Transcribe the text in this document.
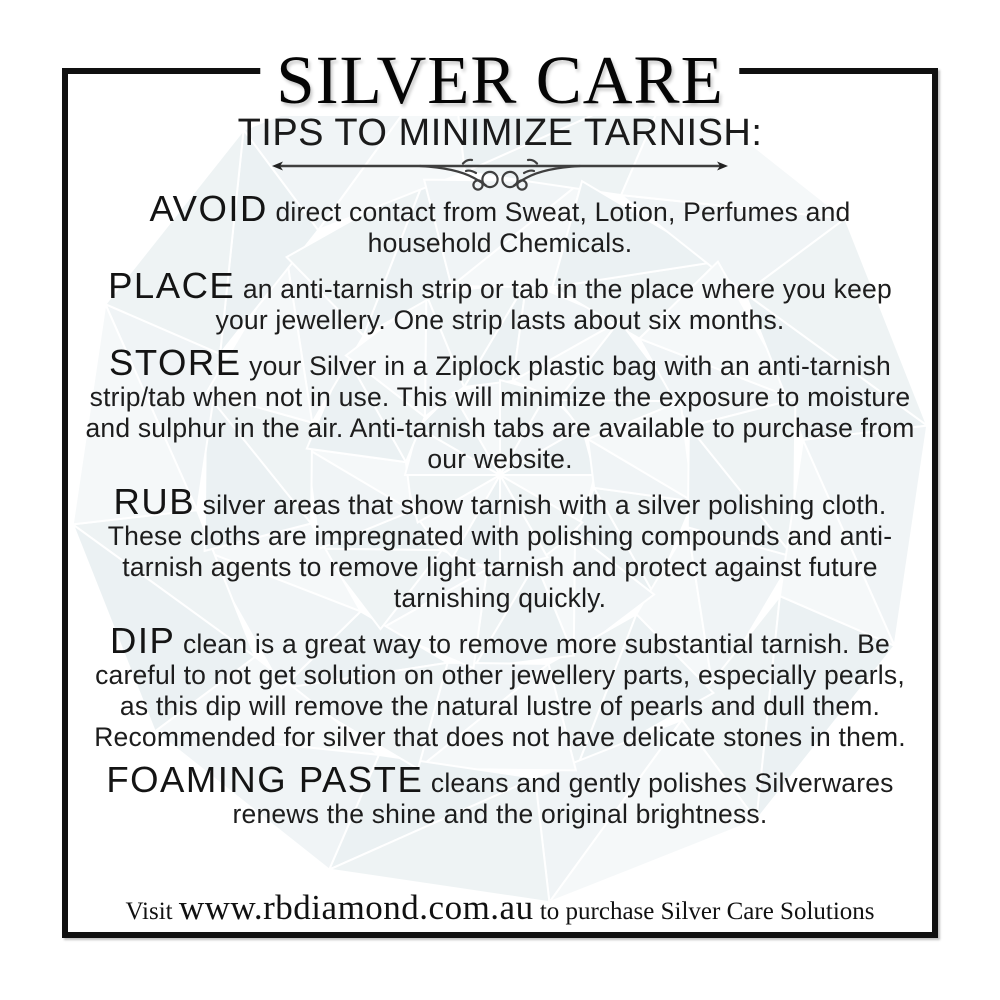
SILVER CARE
TIPS TO MINIMIZE TARNISH:

AVOID direct contact from Sweat, Lotion, Perfumes and household Chemicals.

PLACE an anti-tarnish strip or tab in the place where you keep your jewellery. One strip lasts about six months.

STORE your Silver in a Ziplock plastic bag with an anti-tarnish strip/tab when not in use. This will minimize the exposure to moisture and sulphur in the air. Anti-tarnish tabs are available to purchase from our website.

RUB silver areas that show tarnish with a silver polishing cloth. These cloths are impregnated with polishing compounds and anti-tarnish agents to remove light tarnish and protect against future tarnishing quickly.

DIP clean is a great way to remove more substantial tarnish. Be careful to not get solution on other jewellery parts, especially pearls, as this dip will remove the natural lustre of pearls and dull them. Recommended for silver that does not have delicate stones in them.

FOAMING PASTE cleans and gently polishes Silverwares renews the shine and the original brightness.

Visit www.rbdiamond.com.au to purchase Silver Care Solutions
